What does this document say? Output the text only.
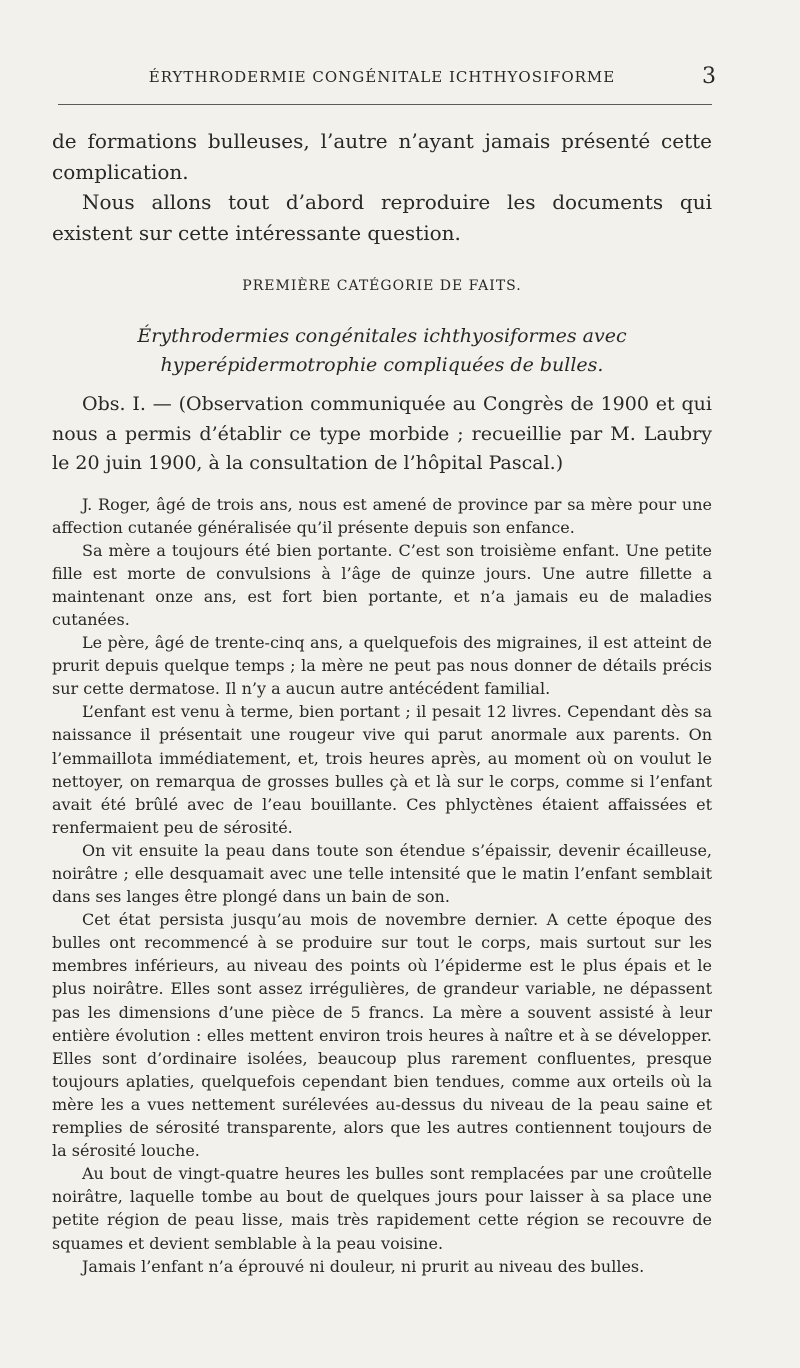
ÉRYTHRODERMIE CONGÉNITALE ICHTHYOSIFORME	3

de formations bulleuses, l’autre n’ayant jamais présenté cette complication.

Nous allons tout d’abord reproduire les documents qui existent sur cette intéressante question.

PREMIÈRE CATÉGORIE DE FAITS.
Érythrodermies congénitales ichthyosiformes avec hyperépidermotrophie compliquées de bulles.

Obs. I. — (Observation communiquée au Congrès de 1900 et qui nous a permis d’établir ce type morbide ; recueillie par M. Laubry le 20 juin 1900, à la consultation de l’hôpital Pascal.)

J. Roger, âgé de trois ans, nous est amené de province par sa mère pour une affection cutanée généralisée qu’il présente depuis son enfance.

Sa mère a toujours été bien portante. C’est son troisième enfant. Une petite fille est morte de convulsions à l’âge de quinze jours. Une autre fillette a maintenant onze ans, est fort bien portante, et n’a jamais eu de maladies cutanées.

Le père, âgé de trente-cinq ans, a quelquefois des migraines, il est atteint de prurit depuis quelque temps ; la mère ne peut pas nous donner de détails précis sur cette dermatose. Il n’y a aucun autre antécédent familial.

L’enfant est venu à terme, bien portant ; il pesait 12 livres. Cependant dès sa naissance il présentait une rougeur vive qui parut anormale aux parents. On l’emmaillota immédiatement, et, trois heures après, au moment où on voulut le nettoyer, on remarqua de grosses bulles çà et là sur le corps, comme si l’enfant avait été brûlé avec de l’eau bouillante. Ces phlyctènes étaient affaissées et renfermaient peu de sérosité.

On vit ensuite la peau dans toute son étendue s’épaissir, devenir écailleuse, noirâtre ; elle desquamait avec une telle intensité que le matin l’enfant semblait dans ses langes être plongé dans un bain de son.

Cet état persista jusqu’au mois de novembre dernier. A cette époque des bulles ont recommencé à se produire sur tout le corps, mais surtout sur les membres inférieurs, au niveau des points où l’épiderme est le plus épais et le plus noirâtre. Elles sont assez irrégulières, de grandeur variable, ne dépassent pas les dimensions d’une pièce de 5 francs. La mère a souvent assisté à leur entière évolution : elles mettent environ trois heures à naître et à se développer. Elles sont d’ordinaire isolées, beaucoup plus rarement confluentes, presque toujours aplaties, quelquefois cependant bien tendues, comme aux orteils où la mère les a vues nettement surélevées au-dessus du niveau de la peau saine et remplies de sérosité transparente, alors que les autres contiennent toujours de la sérosité louche.

Au bout de vingt-quatre heures les bulles sont remplacées par une croûtelle noirâtre, laquelle tombe au bout de quelques jours pour laisser à sa place une petite région de peau lisse, mais très rapidement cette région se recouvre de squames et devient semblable à la peau voisine.

Jamais l’enfant n’a éprouvé ni douleur, ni prurit au niveau des bulles.
